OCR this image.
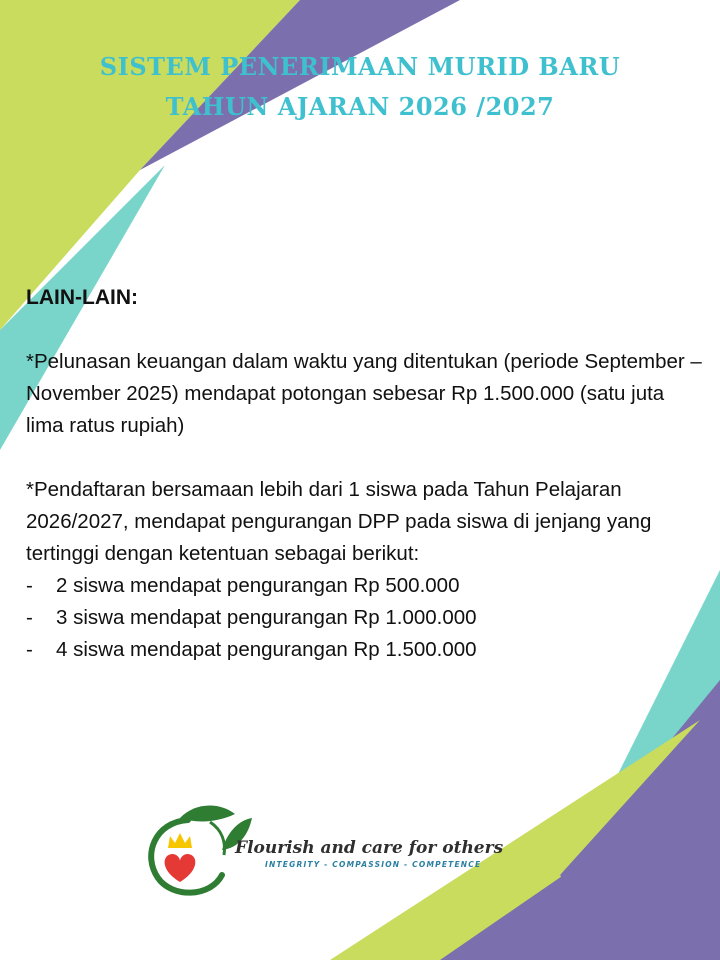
SISTEM PENERIMAAN MURID BARU
TAHUN AJARAN 2026 /2027

LAIN-LAIN:

*Pelunasan keuangan dalam waktu yang ditentukan (periode September – November 2025) mendapat potongan sebesar Rp 1.500.000 (satu juta lima ratus rupiah)

*Pendaftaran bersamaan lebih dari 1 siswa pada Tahun Pelajaran 2026/2027, mendapat pengurangan DPP pada siswa di jenjang yang tertinggi dengan ketentuan sebagai berikut:

- 2 siswa mendapat pengurangan Rp 500.000
- 3 siswa mendapat pengurangan Rp 1.000.000
- 4 siswa mendapat pengurangan Rp 1.500.000
Flourish and care for others
INTEGRITY - COMPASSION - COMPETENCE
